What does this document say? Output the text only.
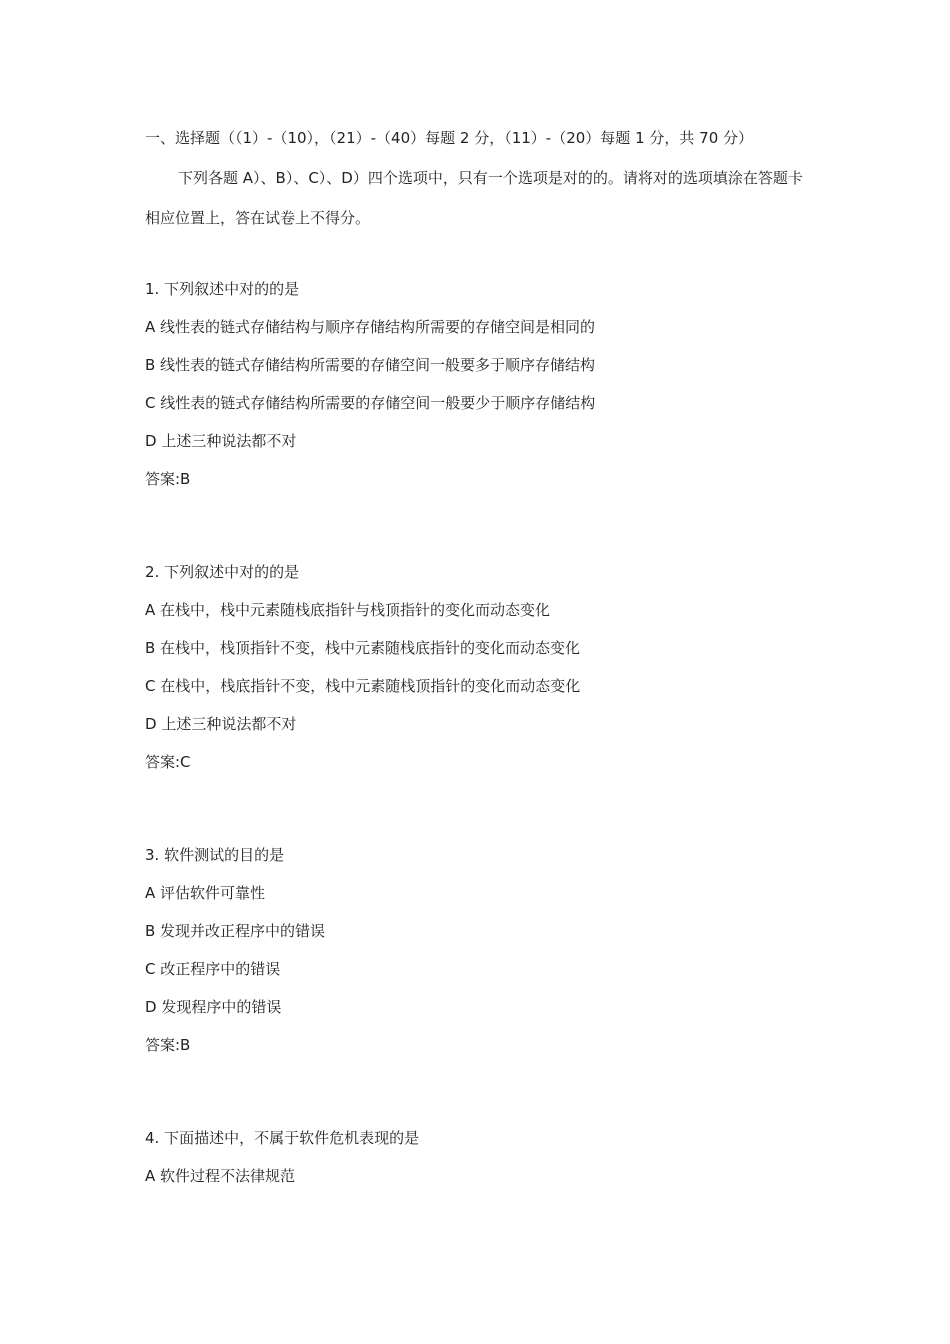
一、选择题（（1）-（10），（21）-（40）每题 2 分，（11）-（20）每题 1 分，共 70 分）

下列各题 A）、B）、C）、D）四个选项中，只有一个选项是对的的。请将对的选项填涂在答题卡相应位置上，答在试卷上不得分。

1. 下列叙述中对的的是

A 线性表的链式存储结构与顺序存储结构所需要的存储空间是相同的

B 线性表的链式存储结构所需要的存储空间一般要多于顺序存储结构

C 线性表的链式存储结构所需要的存储空间一般要少于顺序存储结构

D 上述三种说法都不对

答案:B

2. 下列叙述中对的的是

A 在栈中，栈中元素随栈底指针与栈顶指针的变化而动态变化

B 在栈中，栈顶指针不变，栈中元素随栈底指针的变化而动态变化

C 在栈中，栈底指针不变，栈中元素随栈顶指针的变化而动态变化

D 上述三种说法都不对

答案:C

3. 软件测试的目的是

A 评估软件可靠性

B 发现并改正程序中的错误

C 改正程序中的错误

D 发现程序中的错误

答案:B

4. 下面描述中，不属于软件危机表现的是

A 软件过程不法律规范
